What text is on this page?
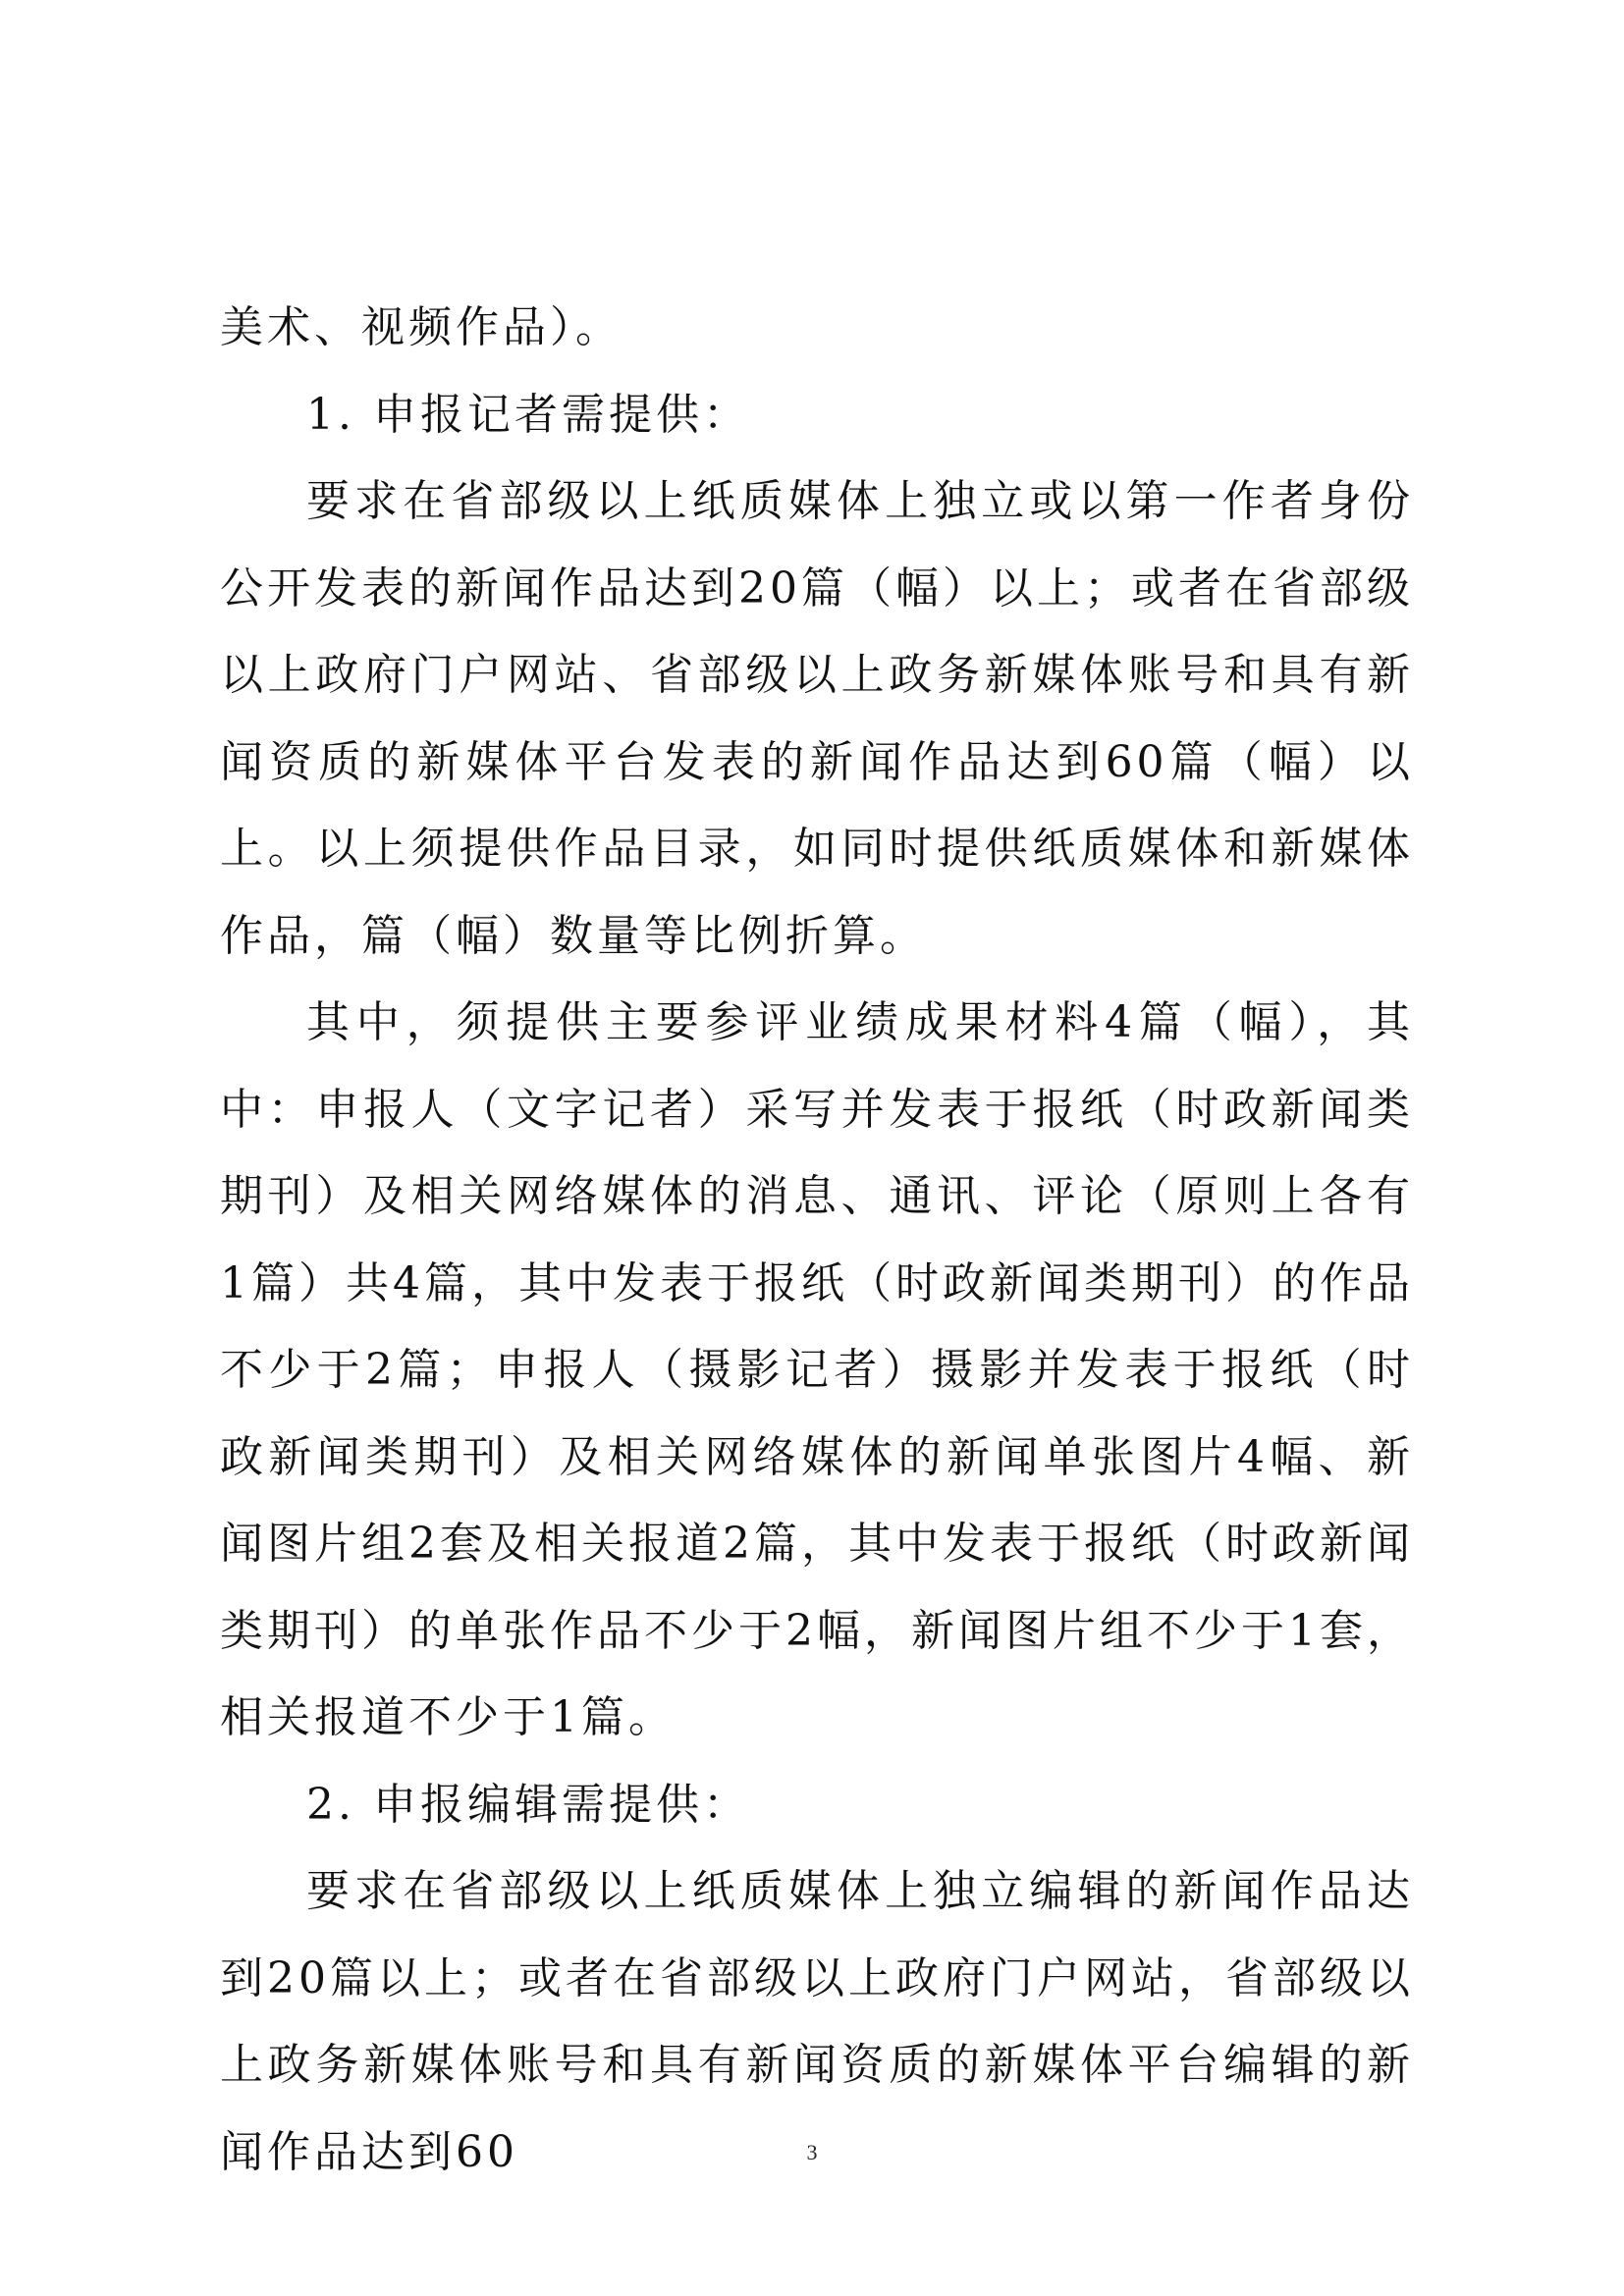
美术、视频作品）。

1. 申报记者需提供：

要求在省部级以上纸质媒体上独立或以第一作者身份公开发表的新闻作品达到20篇（幅）以上；或者在省部级以上政府门户网站、省部级以上政务新媒体账号和具有新闻资质的新媒体平台发表的新闻作品达到60篇（幅）以上。以上须提供作品目录，如同时提供纸质媒体和新媒体作品，篇（幅）数量等比例折算。

其中，须提供主要参评业绩成果材料4篇（幅），其中：申报人（文字记者）采写并发表于报纸（时政新闻类期刊）及相关网络媒体的消息、通讯、评论（原则上各有1篇）共4篇，其中发表于报纸（时政新闻类期刊）的作品不少于2篇；申报人（摄影记者）摄影并发表于报纸（时政新闻类期刊）及相关网络媒体的新闻单张图片4幅、新闻图片组2套及相关报道2篇，其中发表于报纸（时政新闻类期刊）的单张作品不少于2幅，新闻图片组不少于1套，相关报道不少于1篇。

2. 申报编辑需提供：

要求在省部级以上纸质媒体上独立编辑的新闻作品达到20篇以上；或者在省部级以上政府门户网站，省部级以上政务新媒体账号和具有新闻资质的新媒体平台编辑的新闻作品达到60	3
